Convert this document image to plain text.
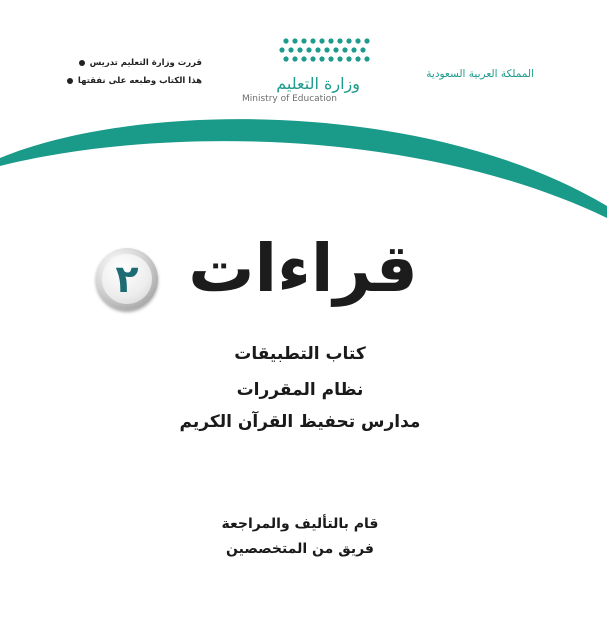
المملكة العربية السعودية
وزارة التعليم
Ministry of Education
قررت وزارة التعليم تدريس
هذا الكتاب وطبعه على نفقتها
٢ قراءات
كتاب التطبيقات
نظام المقررات
مدارس تحفيظ القرآن الكريم
قام بالتأليف والمراجعة
فريق من المتخصصين
